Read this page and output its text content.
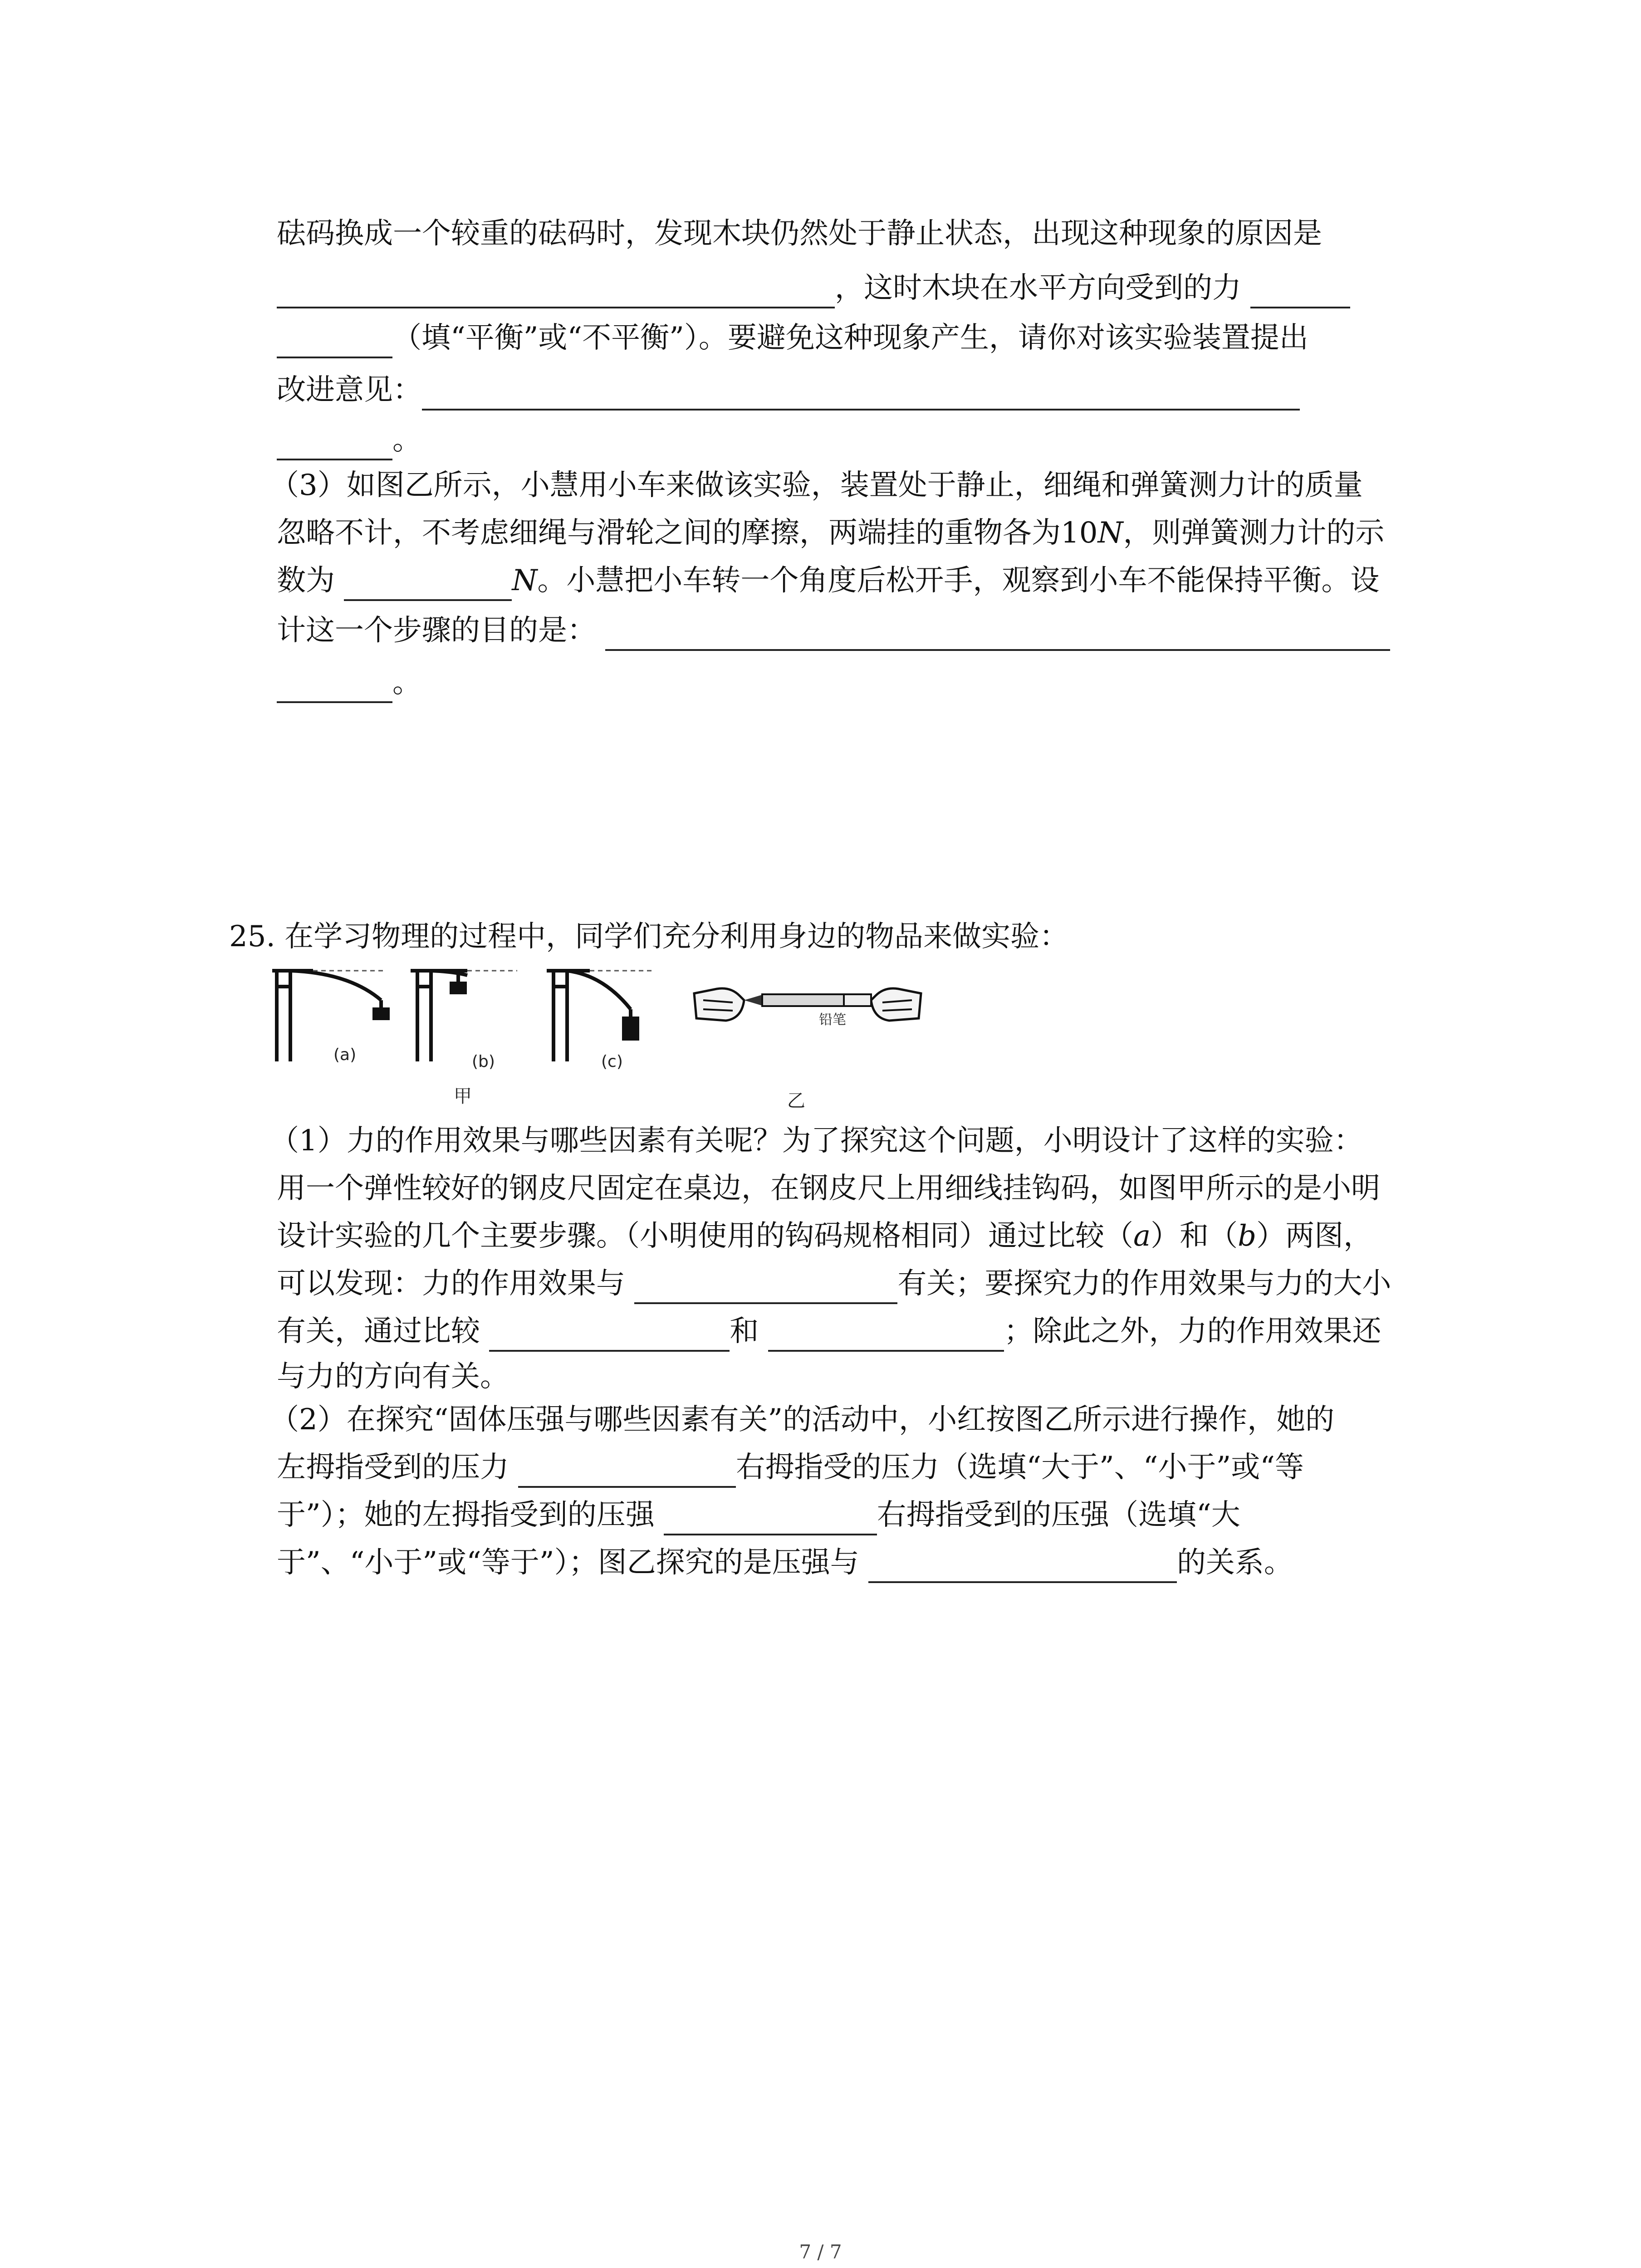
砝码换成一个较重的砝码时，发现木块仍然处于静止状态，出现这种现象的原因是
，这时木块在水平方向受到的力
（填“平衡”或“不平衡”）。要避免这种现象产生，请你对该实验装置提出
改进意见：
。
（3）如图乙所示，小慧用小车来做该实验，装置处于静止，细绳和弹簧测力计的质量
忽略不计，不考虑细绳与滑轮之间的摩擦，两端挂的重物各为10N，则弹簧测力计的示
数为	N。小慧把小车转一个角度后松开手，观察到小车不能保持平衡。设
计这一个步骤的目的是：
。
25. 在学习物理的过程中，同学们充分利用身边的物品来做实验：
(a)	(b)	(c)
甲
铅笔
乙
（1）力的作用效果与哪些因素有关呢？为了探究这个问题，小明设计了这样的实验：
用一个弹性较好的钢皮尺固定在桌边，在钢皮尺上用细线挂钩码，如图甲所示的是小明
设计实验的几个主要步骤。（小明使用的钩码规格相同）通过比较（a）和（b）两图，
可以发现：力的作用效果与	有关；要探究力的作用效果与力的大小
有关，通过比较	和	；除此之外，力的作用效果还
与力的方向有关。
（2）在探究“固体压强与哪些因素有关”的活动中，小红按图乙所示进行操作，她的
左拇指受到的压力	右拇指受的压力（选填“大于”、“小于”或“等
于”）；她的左拇指受到的压强	右拇指受到的压强（选填“大
于”、“小于”或“等于”）；图乙探究的是压强与	的关系。
7 / 7
